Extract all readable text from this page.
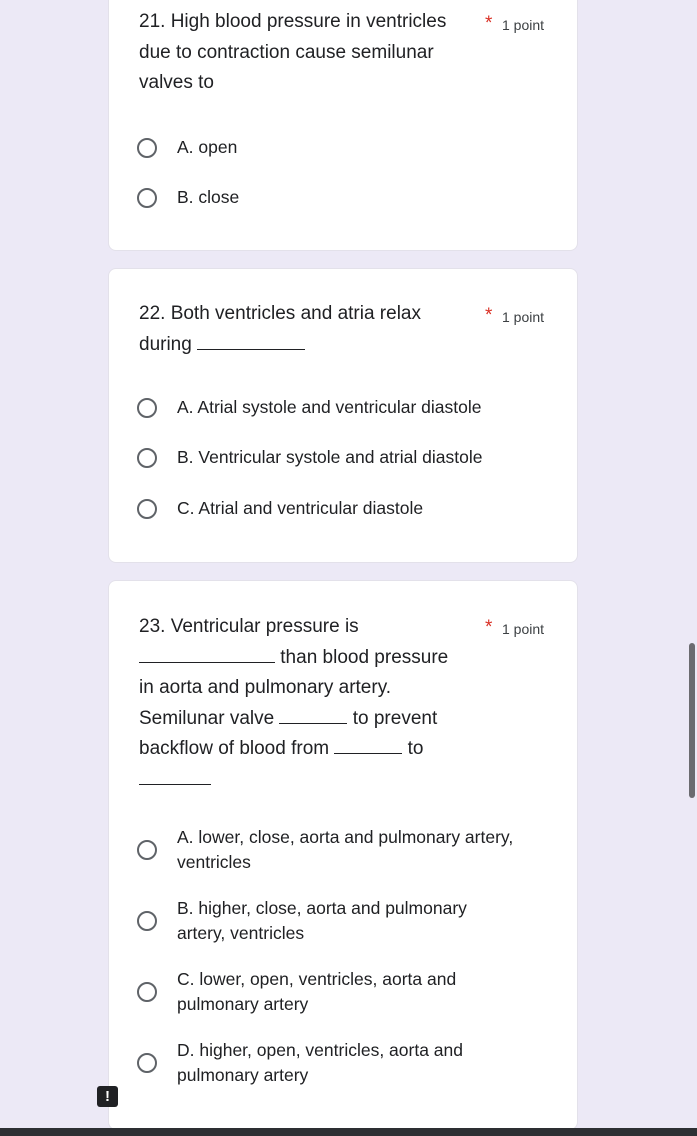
21. High blood pressure in ventricles
due to contraction cause semilunar
valves to
* 1 point
A. open
B. close
22. Both ventricles and atria relax
during
* 1 point
A. Atrial systole and ventricular diastole
B. Ventricular systole and atrial diastole
C. Atrial and ventricular diastole
23. Ventricular pressure is
than blood pressure
in aorta and pulmonary artery.
Semilunar valve	to prevent
backflow of blood from	to
* 1 point
A. lower, close, aorta and pulmonary artery,
ventricles
B. higher, close, aorta and pulmonary
artery, ventricles
C. lower, open, ventricles, aorta and
pulmonary artery
D. higher, open, ventricles, aorta and
pulmonary artery
!
